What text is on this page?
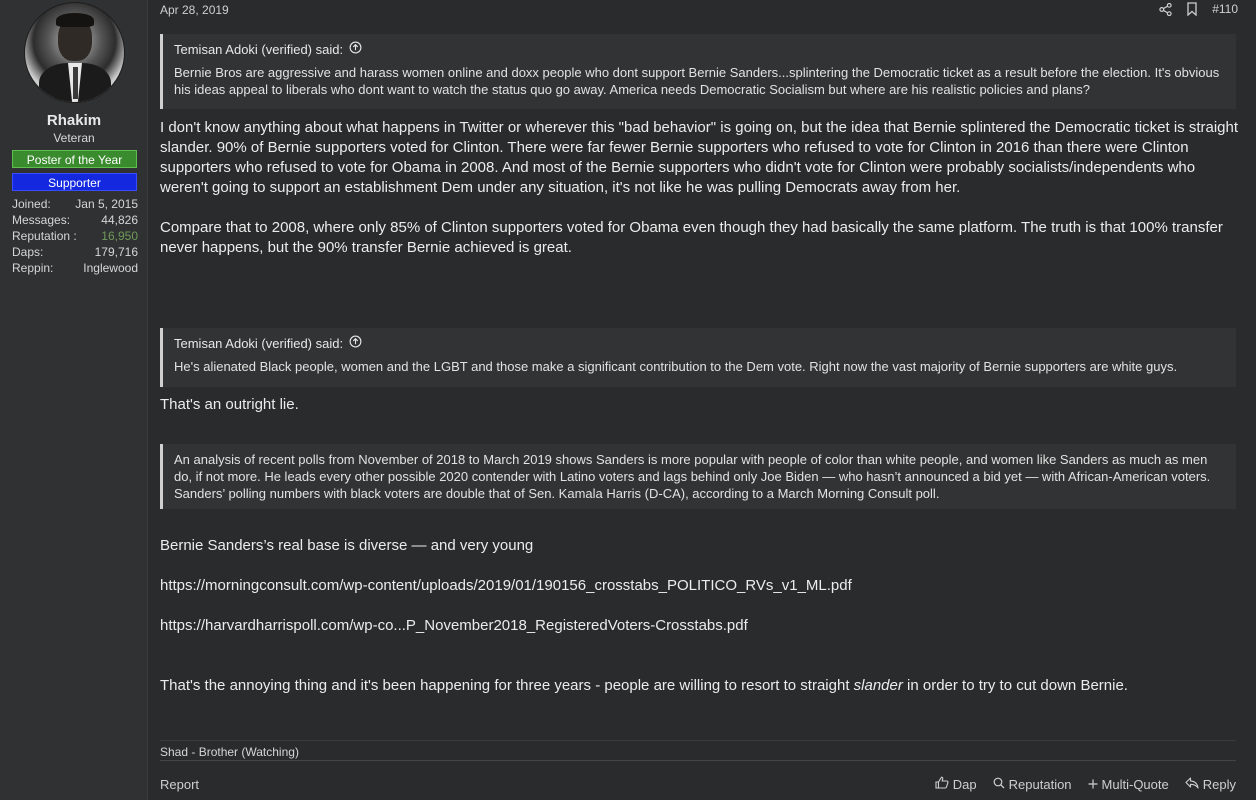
Rhakim
Veteran
Poster of the Year
Supporter
Joined: Jan 5, 2015
Messages:	44,826
Reputation : 16,950
Daps:	179,716
Reppin: Inglewood
Apr 28, 2019	#110
Temisan Adoki (verified) said:
Bernie Bros are aggressive and harass women online and doxx people who dont support Bernie Sanders...splintering the Democratic ticket as a result before the election. It's obvious his ideas appeal to liberals who dont want to watch the status quo go away. America needs Democratic Socialism but where are his realistic policies and plans?
I don't know anything about what happens in Twitter or wherever this "bad behavior" is going on, but the idea that Bernie splintered the Democratic ticket is straight slander. 90% of Bernie supporters voted for Clinton. There were far fewer Bernie supporters who refused to vote for Clinton in 2016 than there were Clinton supporters who refused to vote for Obama in 2008. And most of the Bernie supporters who didn't vote for Clinton were probably socialists/independents who weren't going to support an establishment Dem under any situation, it's not like he was pulling Democrats away from her.
Compare that to 2008, where only 85% of Clinton supporters voted for Obama even though they had basically the same platform. The truth is that 100% transfer never happens, but the 90% transfer Bernie achieved is great.
Temisan Adoki (verified) said:
He's alienated Black people, women and the LGBT and those make a significant contribution to the Dem vote. Right now the vast majority of Bernie supporters are white guys.
That's an outright lie.
An analysis of recent polls from November of 2018 to March 2019 shows Sanders is more popular with people of color than white people, and women like Sanders as much as men do, if not more. He leads every other possible 2020 contender with Latino voters and lags behind only Joe Biden — who hasn’t announced a bid yet — with African-American voters. Sanders’ polling numbers with black voters are double that of Sen. Kamala Harris (D-CA), according to a March Morning Consult poll.
Bernie Sanders’s real base is diverse — and very young
https://morningconsult.com/wp-content/uploads/2019/01/190156_crosstabs_POLITICO_RVs_v1_ML.pdf
https://harvardharrispoll.com/wp-co...P_November2018_RegisteredVoters-Crosstabs.pdf
That's the annoying thing and it's been happening for three years - people are willing to resort to straight slander in order to try to cut down Bernie.
Shad - Brother (Watching)
Report	Dap Reputation Multi-Quote	Reply
